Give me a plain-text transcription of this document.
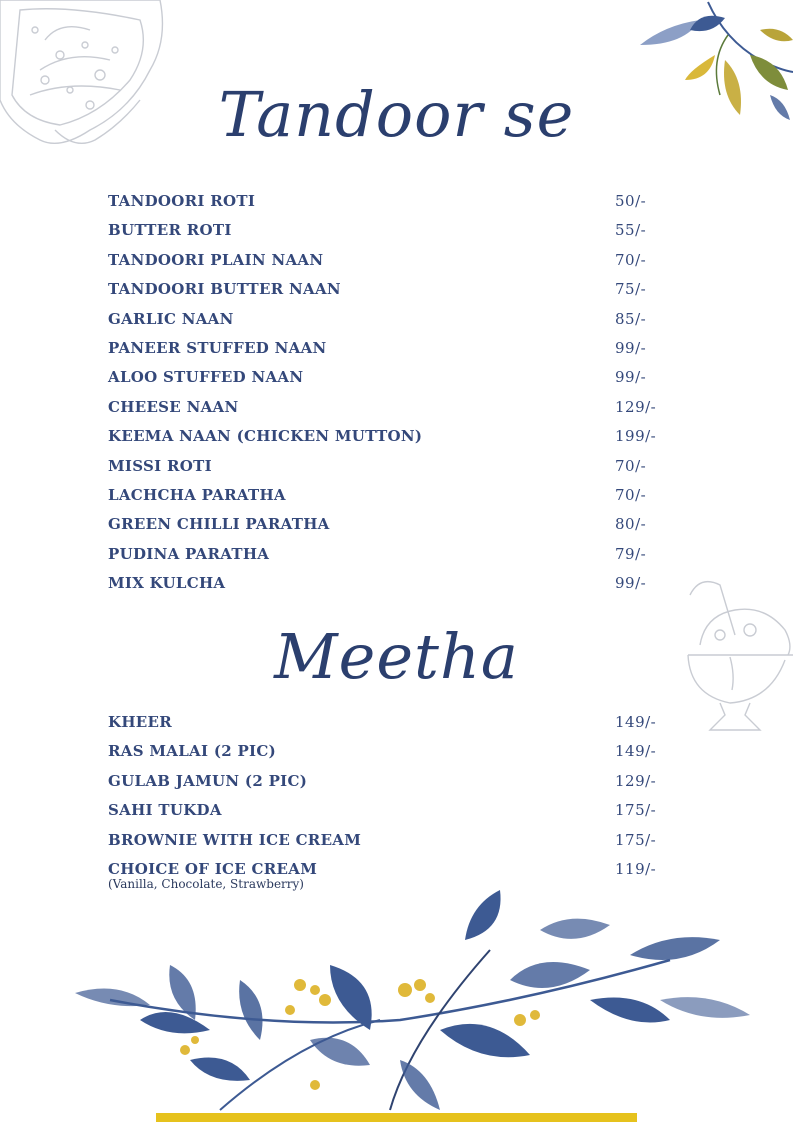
Tandoor se
TANDOORI ROTI	50/-
BUTTER ROTI	55/-
TANDOORI PLAIN NAAN	70/-
TANDOORI BUTTER NAAN	75/-
GARLIC NAAN	85/-
PANEER STUFFED NAAN	99/-
ALOO STUFFED NAAN	99/-
CHEESE NAAN	129/-
KEEMA NAAN (CHICKEN MUTTON)	199/-
MISSI ROTI	70/-
LACHCHA PARATHA	70/-
GREEN CHILLI PARATHA	80/-
PUDINA PARATHA	79/-
MIX KULCHA	99/-
Meetha
KHEER	149/-
RAS MALAI (2 PIC)	149/-
GULAB JAMUN (2 PIC)	129/-
SAHI TUKDA	175/-
BROWNIE WITH ICE CREAM	175/-
CHOICE OF ICE CREAM	119/-
(Vanilla, Chocolate, Strawberry)
